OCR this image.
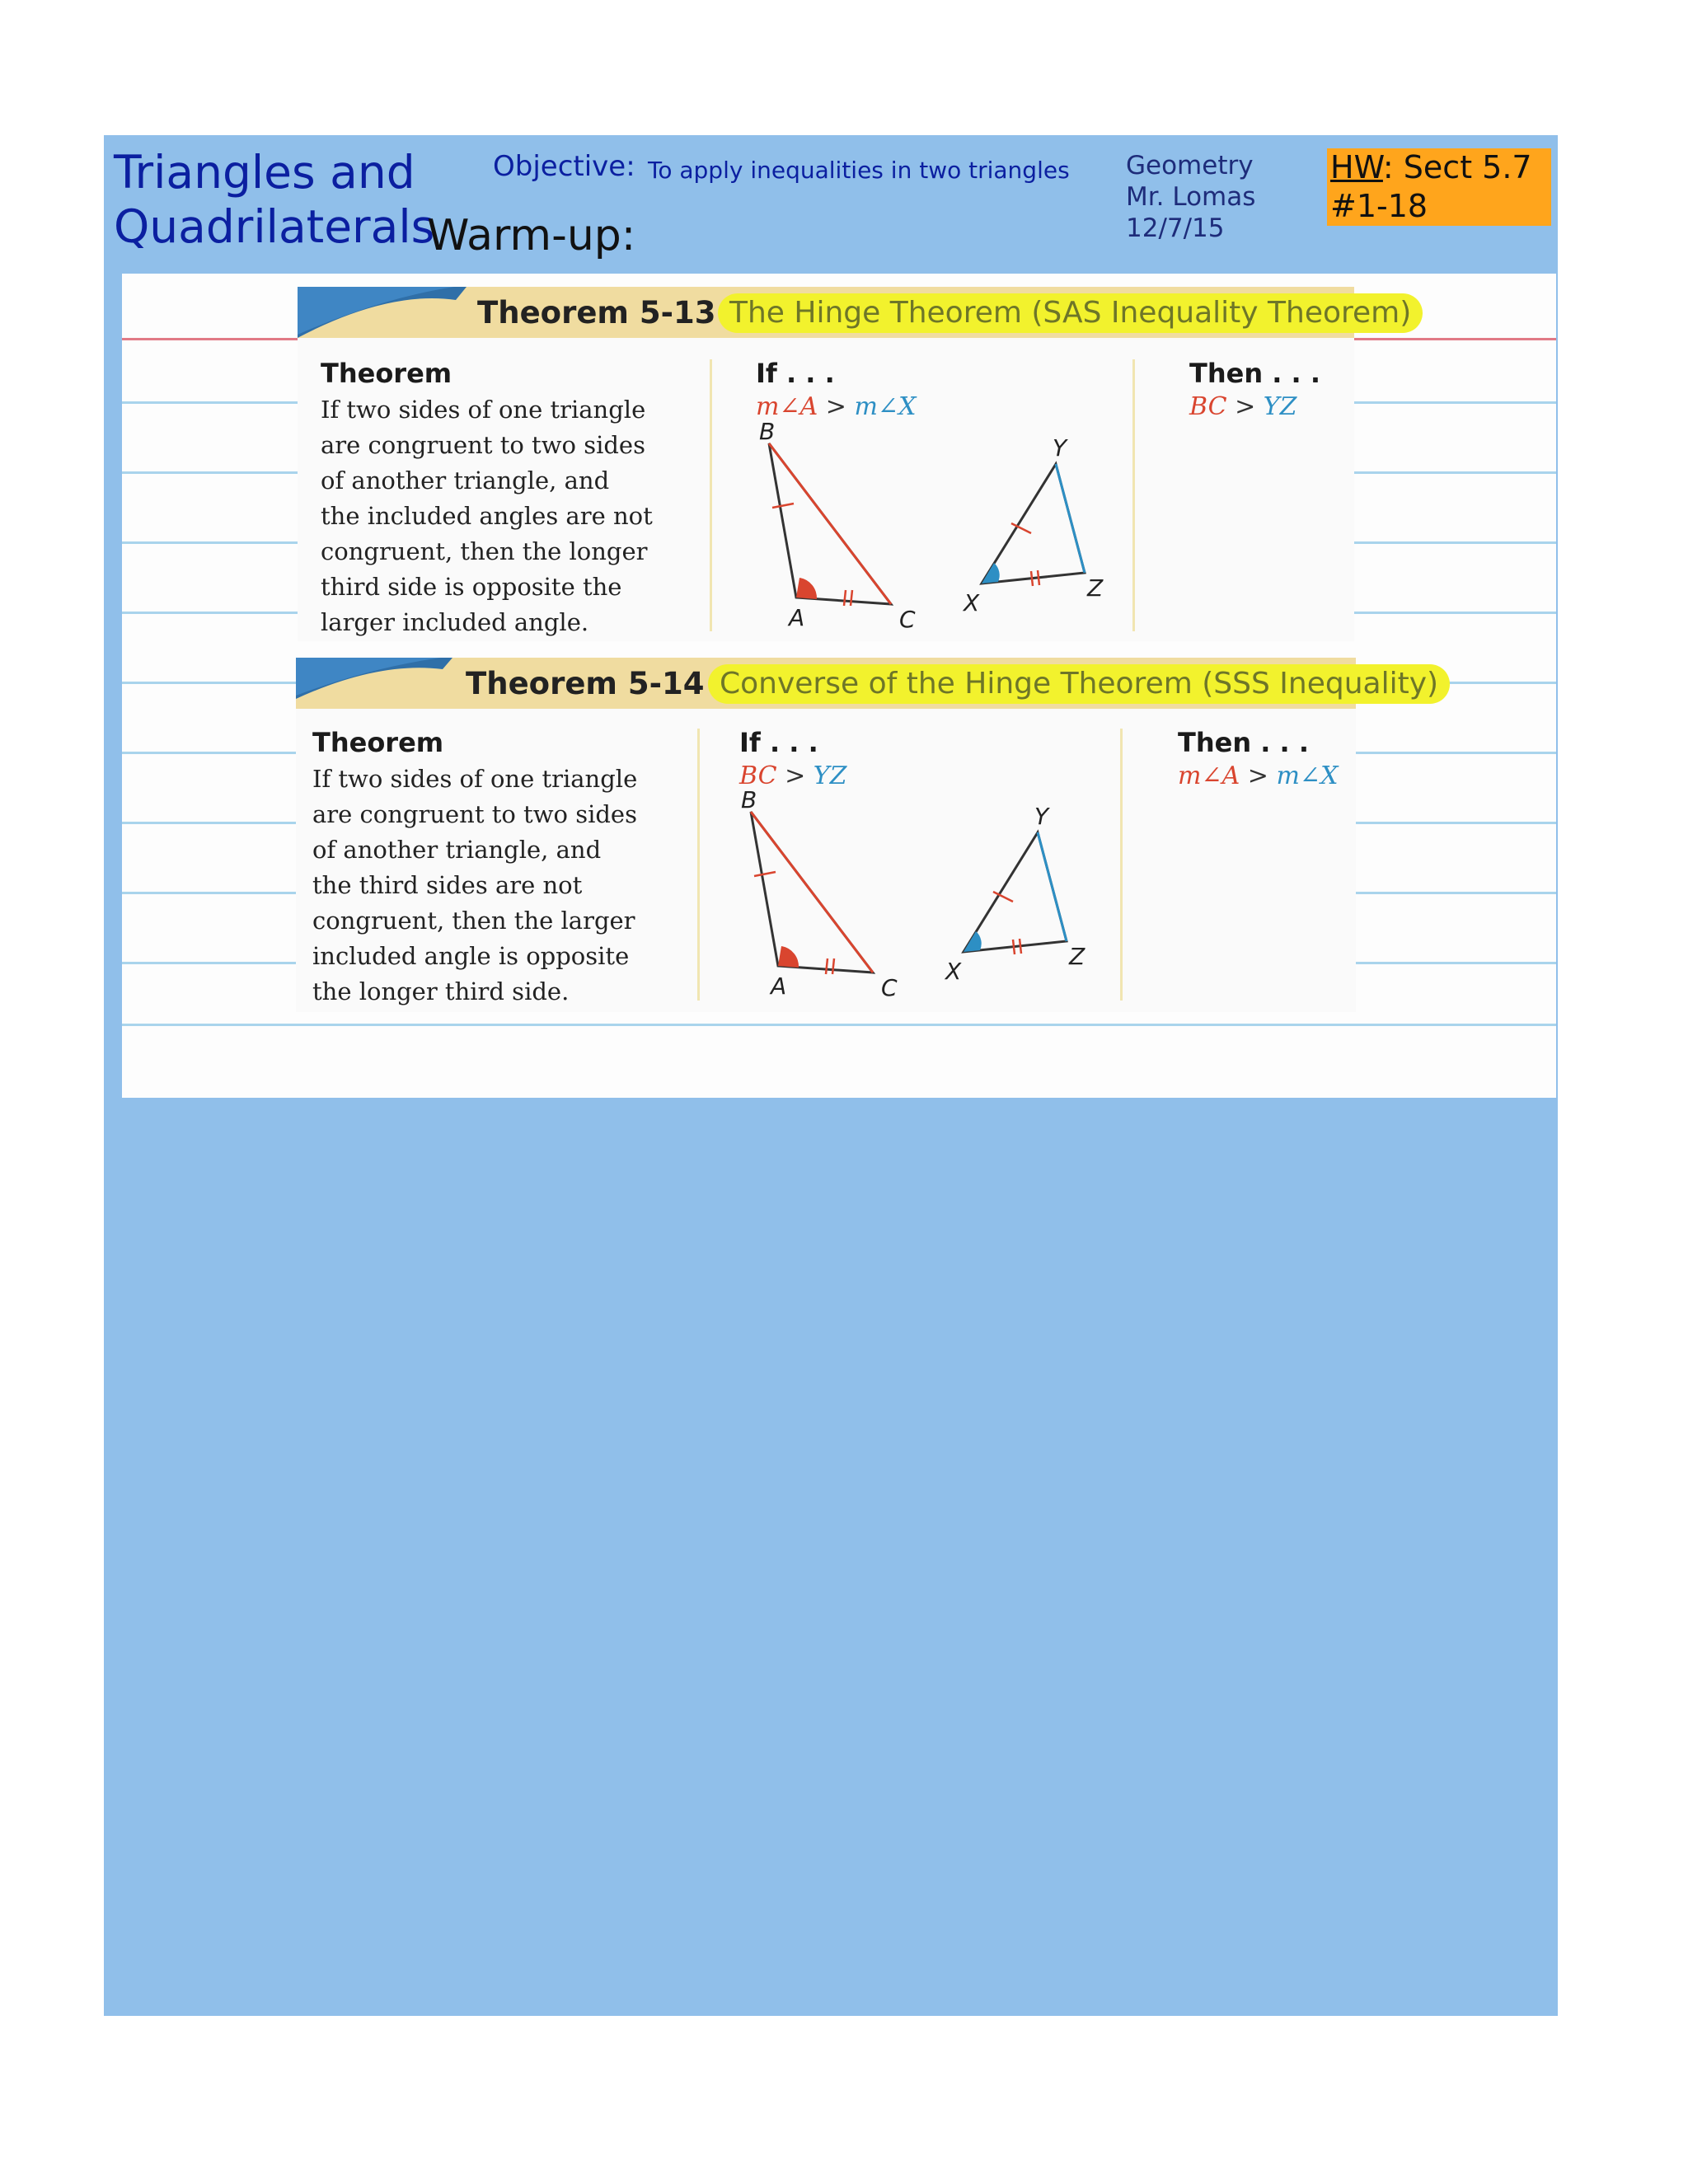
Triangles and
Quadrilaterals
Objective: To apply inequalities in two triangles
Warm-up:
Geometry
Mr. Lomas
12/7/15
HW: Sect 5.7
#1-18
Theorem 5-13 The Hinge Theorem (SAS Inequality Theorem)
Theorem

If two sides of one triangle
are congruent to two sides
of another triangle, and
the included angles are not
congruent, then the longer
third side is opposite the
larger included angle.

If . . .
m∠A > m∠X
B
A	C
Y
X
Z
Then . . .
BC > YZ
Theorem 5-14 Converse of the Hinge Theorem (SSS Inequality)
Theorem

If two sides of one triangle
are congruent to two sides
of another triangle, and
the third sides are not
congruent, then the larger
included angle is opposite
the longer third side.

If . . .
BC > YZ
B
A	C
Y
X
Z
Then . . .
m∠A > m∠X
